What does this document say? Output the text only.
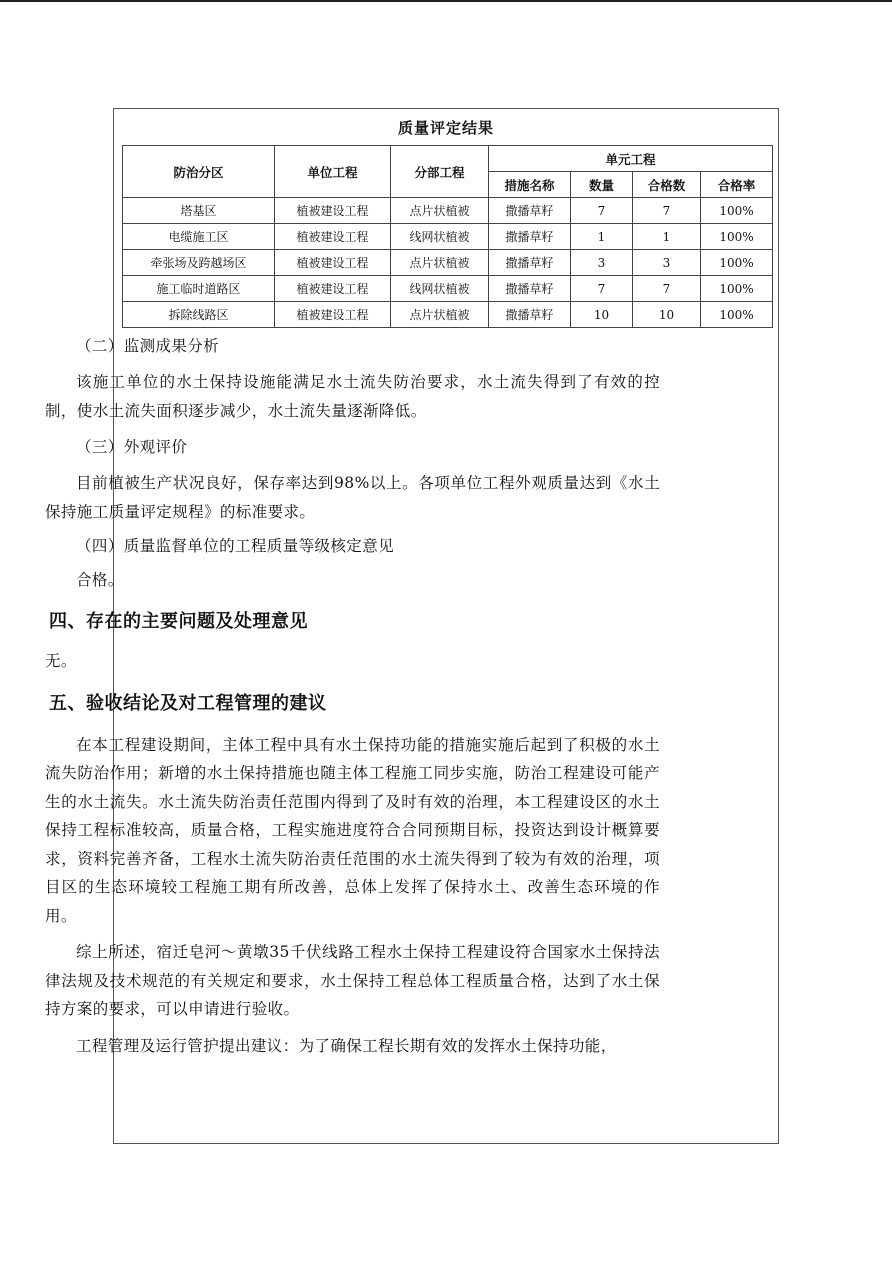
质量评定结果
防治分区	单位工程	分部工程	单元工程			
			措施名称	数量	合格数	合格率
塔基区	植被建设工程	点片状植被	撒播草籽	7	7	100%
电缆施工区	植被建设工程	线网状植被	撒播草籽	1	1	100%
牵张场及跨越场区	植被建设工程	点片状植被	撒播草籽	3	3	100%
施工临时道路区	植被建设工程	线网状植被	撒播草籽	7	7	100%
拆除线路区	植被建设工程	点片状植被	撒播草籽	10	10	100%
（二）监测成果分析
该施工单位的水土保持设施能满足水土流失防治要求，水土流失得到了有效的控制，使水土流失面积逐步减少，水土流失量逐渐降低。
（三）外观评价
目前植被生产状况良好，保存率达到98%以上。各项单位工程外观质量达到《水土保持施工质量评定规程》的标准要求。
（四）质量监督单位的工程质量等级核定意见
合格。
四、存在的主要问题及处理意见
无。
五、验收结论及对工程管理的建议
在本工程建设期间，主体工程中具有水土保持功能的措施实施后起到了积极的水土流失防治作用；新增的水土保持措施也随主体工程施工同步实施，防治工程建设可能产生的水土流失。水土流失防治责任范围内得到了及时有效的治理，本工程建设区的水土保持工程标准较高，质量合格，工程实施进度符合合同预期目标，投资达到设计概算要求，资料完善齐备，工程水土流失防治责任范围的水土流失得到了较为有效的治理，项目区的生态环境较工程施工期有所改善，总体上发挥了保持水土、改善生态环境的作用。
综上所述，宿迁皂河～黄墩35千伏线路工程水土保持工程建设符合国家水土保持法律法规及技术规范的有关规定和要求，水土保持工程总体工程质量合格，达到了水土保持方案的要求，可以申请进行验收。
工程管理及运行管护提出建议：为了确保工程长期有效的发挥水土保持功能，
